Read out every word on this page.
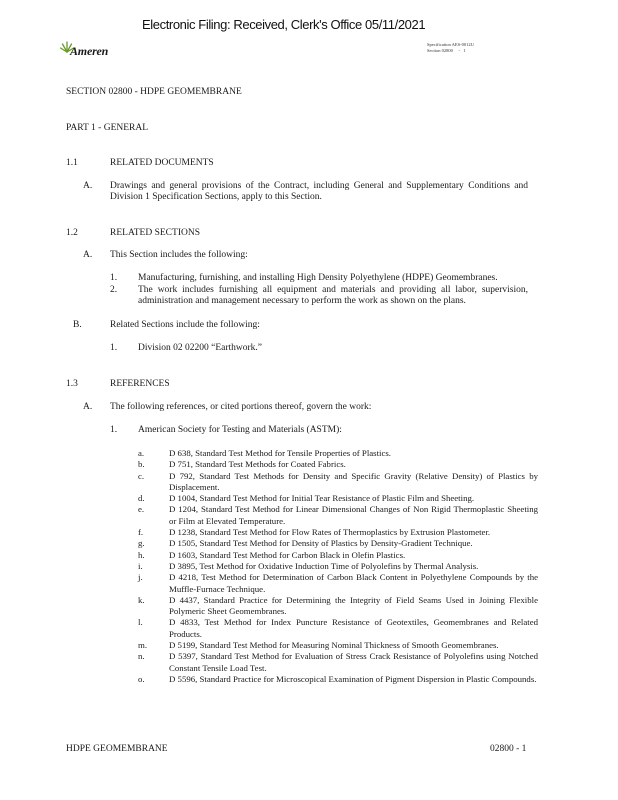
Electronic Filing: Received, Clerk's Office 05/11/2021
Ameren	Specification AES-0012U
Section 02800     -   1
SECTION 02800 - HDPE GEOMEMBRANE
PART 1 - GENERAL
1.1	RELATED DOCUMENTS
A. Drawings and general provisions of the Contract, including General and Supplementary Conditions and Division 1 Specification Sections, apply to this Section.
1.2	RELATED SECTIONS
A. This Section includes the following:
1. Manufacturing, furnishing, and installing High Density Polyethylene (HDPE) Geomembranes.
2. The work includes furnishing all equipment and materials and providing all labor, supervision, administration and management necessary to perform the work as shown on the plans.
B.	Related Sections include the following:
1. Division 02 02200 “Earthwork.”
1.3	REFERENCES
A. The following references, or cited portions thereof, govern the work:
1. American Society for Testing and Materials (ASTM):
a.	D 638, Standard Test Method for Tensile Properties of Plastics.
b.	D 751, Standard Test Methods for Coated Fabrics.
c.	D 792, Standard Test Methods for Density and Specific Gravity (Relative Density) of Plastics by Displacement.
d.	D 1004, Standard Test Method for Initial Tear Resistance of Plastic Film and Sheeting.
e.	D 1204, Standard Test Method for Linear Dimensional Changes of Non Rigid Thermoplastic Sheeting or Film at Elevated Temperature.
f.	D 1238, Standard Test Method for Flow Rates of Thermoplastics by Extrusion Plastometer.
g.	D 1505, Standard Test Method for Density of Plastics by Density-Gradient Technique.
h.	D 1603, Standard Test Method for Carbon Black in Olefin Plastics.
i.	D 3895, Test Method for Oxidative Induction Time of Polyolefins by Thermal Analysis.
j.	D 4218, Test Method for Determination of Carbon Black Content in Polyethylene Compounds by the Muffle-Furnace Technique.
k.	D 4437, Standard Practice for Determining the Integrity of Field Seams Used in Joining Flexible Polymeric Sheet Geomembranes.
l.	D 4833, Test Method for Index Puncture Resistance of Geotextiles, Geomembranes and Related Products.
m.	D 5199, Standard Test Method for Measuring Nominal Thickness of Smooth Geomembranes.
n.	D 5397, Standard Test Method for Evaluation of Stress Crack Resistance of Polyolefins using Notched Constant Tensile Load Test.
o.	D 5596, Standard Practice for Microscopical Examination of Pigment Dispersion in Plastic Compounds.
HDPE GEOMEMBRANE	02800 - 1
